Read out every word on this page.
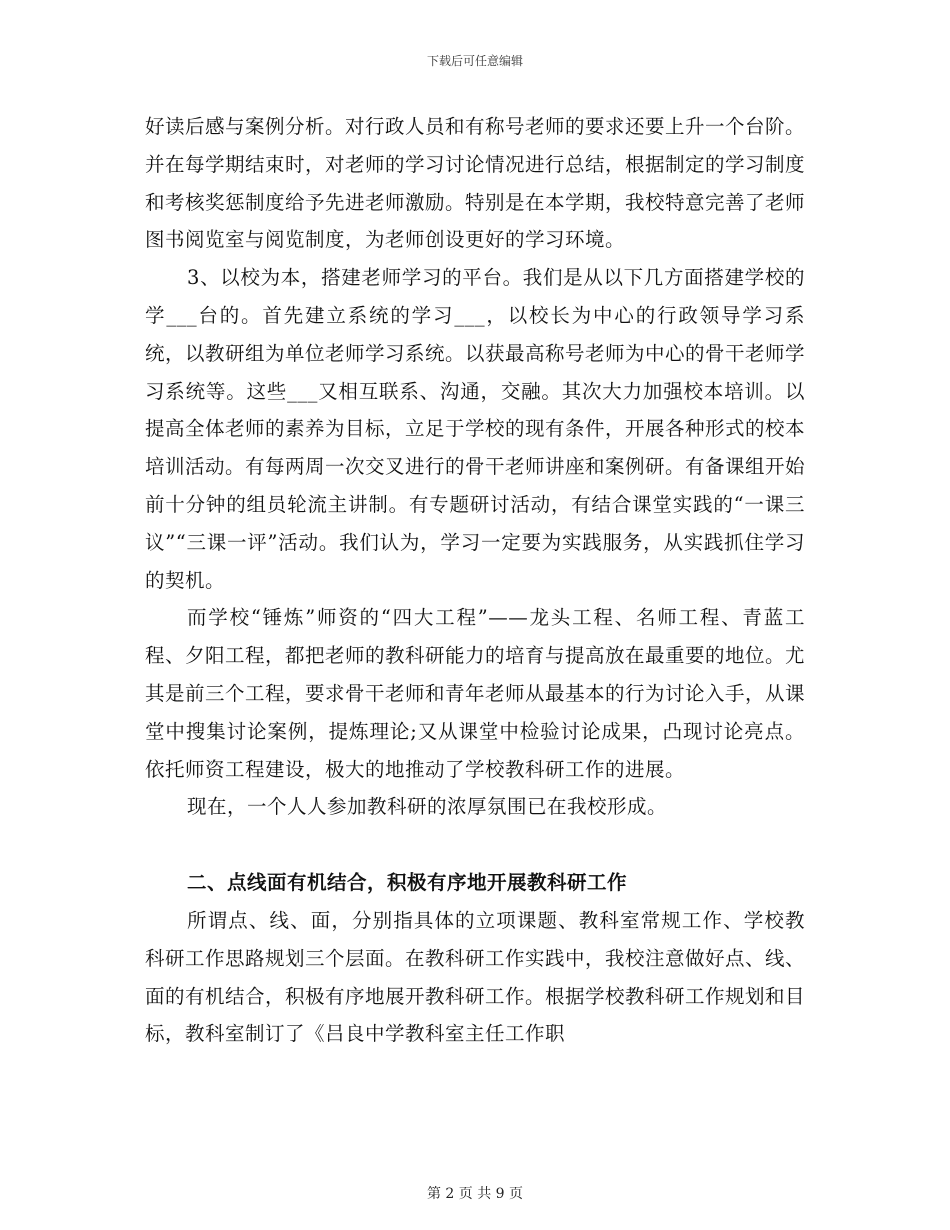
下载后可任意编辑

好读后感与案例分析。对行政人员和有称号老师的要求还要上升一个台阶。并在每学期结束时，对老师的学习讨论情况进行总结，根据制定的学习制度和考核奖惩制度给予先进老师激励。特别是在本学期，我校特意完善了老师图书阅览室与阅览制度，为老师创设更好的学习环境。

3、以校为本，搭建老师学习的平台。我们是从以下几方面搭建学校的学___台的。首先建立系统的学习___，以校长为中心的行政领导学习系统，以教研组为单位老师学习系统。以获最高称号老师为中心的骨干老师学习系统等。这些___又相互联系、沟通，交融。其次大力加强校本培训。以提高全体老师的素养为目标，立足于学校的现有条件，开展各种形式的校本培训活动。有每两周一次交叉进行的骨干老师讲座和案例研。有备课组开始前十分钟的组员轮流主讲制。有专题研讨活动，有结合课堂实践的“一课三议”“三课一评”活动。我们认为，学习一定要为实践服务，从实践抓住学习的契机。

而学校“锤炼”师资的“四大工程”——龙头工程、名师工程、青蓝工程、夕阳工程，都把老师的教科研能力的培育与提高放在最重要的地位。尤其是前三个工程，要求骨干老师和青年老师从最基本的行为讨论入手，从课堂中搜集讨论案例，提炼理论;又从课堂中检验讨论成果，凸现讨论亮点。依托师资工程建设，极大的地推动了学校教科研工作的进展。

现在，一个人人参加教科研的浓厚氛围已在我校形成。

二、点线面有机结合，积极有序地开展教科研工作

所谓点、线、面，分别指具体的立项课题、教科室常规工作、学校教科研工作思路规划三个层面。在教科研工作实践中，我校注意做好点、线、面的有机结合，积极有序地展开教科研工作。根据学校教科研工作规划和目标，教科室制订了《吕良中学教科室主任工作职

第 2 页 共 9 页
